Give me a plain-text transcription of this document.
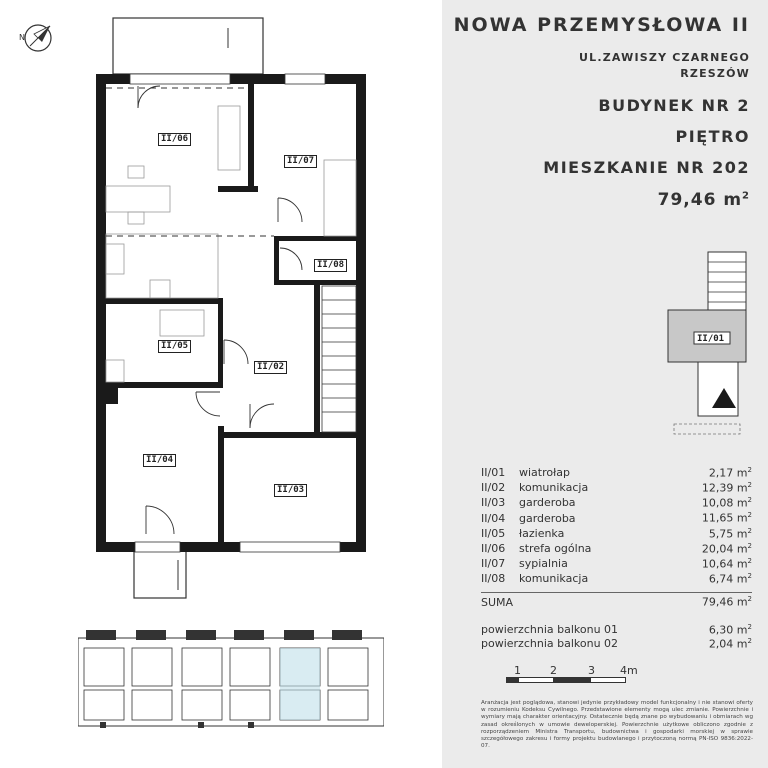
N
II/06
II/07
II/08
II/05
II/02
II/04
II/03
NOWA PRZEMYSŁOWA II
UL.ZAWISZY CZARNEGO
RZESZÓW
BUDYNEK NR 2
PIĘTRO
MIESZKANIE NR 202
79,46 $m^2$
II/01
II/01	wiatrołap	2,17 $m^2$
II/02	komunikacja	12,39 $m^2$
II/03	garderoba	10,08 $m^2$
II/04	garderoba	11,65 $m^2$
II/05	łazienka	5,75 $m^2$
II/06	strefa ogólna	20,04 $m^2$
II/07	sypialnia	10,64 $m^2$
II/08	komunikacja	6,74 $m^2$
SUMA	79,46 $m^2$
powierzchnia balkonu 01	6,30 $m^2$
powierzchnia balkonu 02	2,04 $m^2$
1	2	3 4m
Aranżacja jest poglądowa, stanowi jedynie przykładowy model funkcjonalny i nie stanowi oferty w rozumieniu Kodeksu Cywilnego. Przedstawione elementy mogą ulec zmianie. Powierzchnie i wymiary mają charakter orientacyjny. Ostatecznie będą znane po wybudowaniu i obmiarach wg zasad określonych w umowie deweloperskiej. Powierzchnie użytkowe obliczono zgodnie z rozporządzeniem Ministra Transportu, budownictwa i gospodarki morskiej w sprawie szczegółowego zakresu i formy projektu budowlanego i przytoczoną normą PN-ISO 9836:2022-07.
